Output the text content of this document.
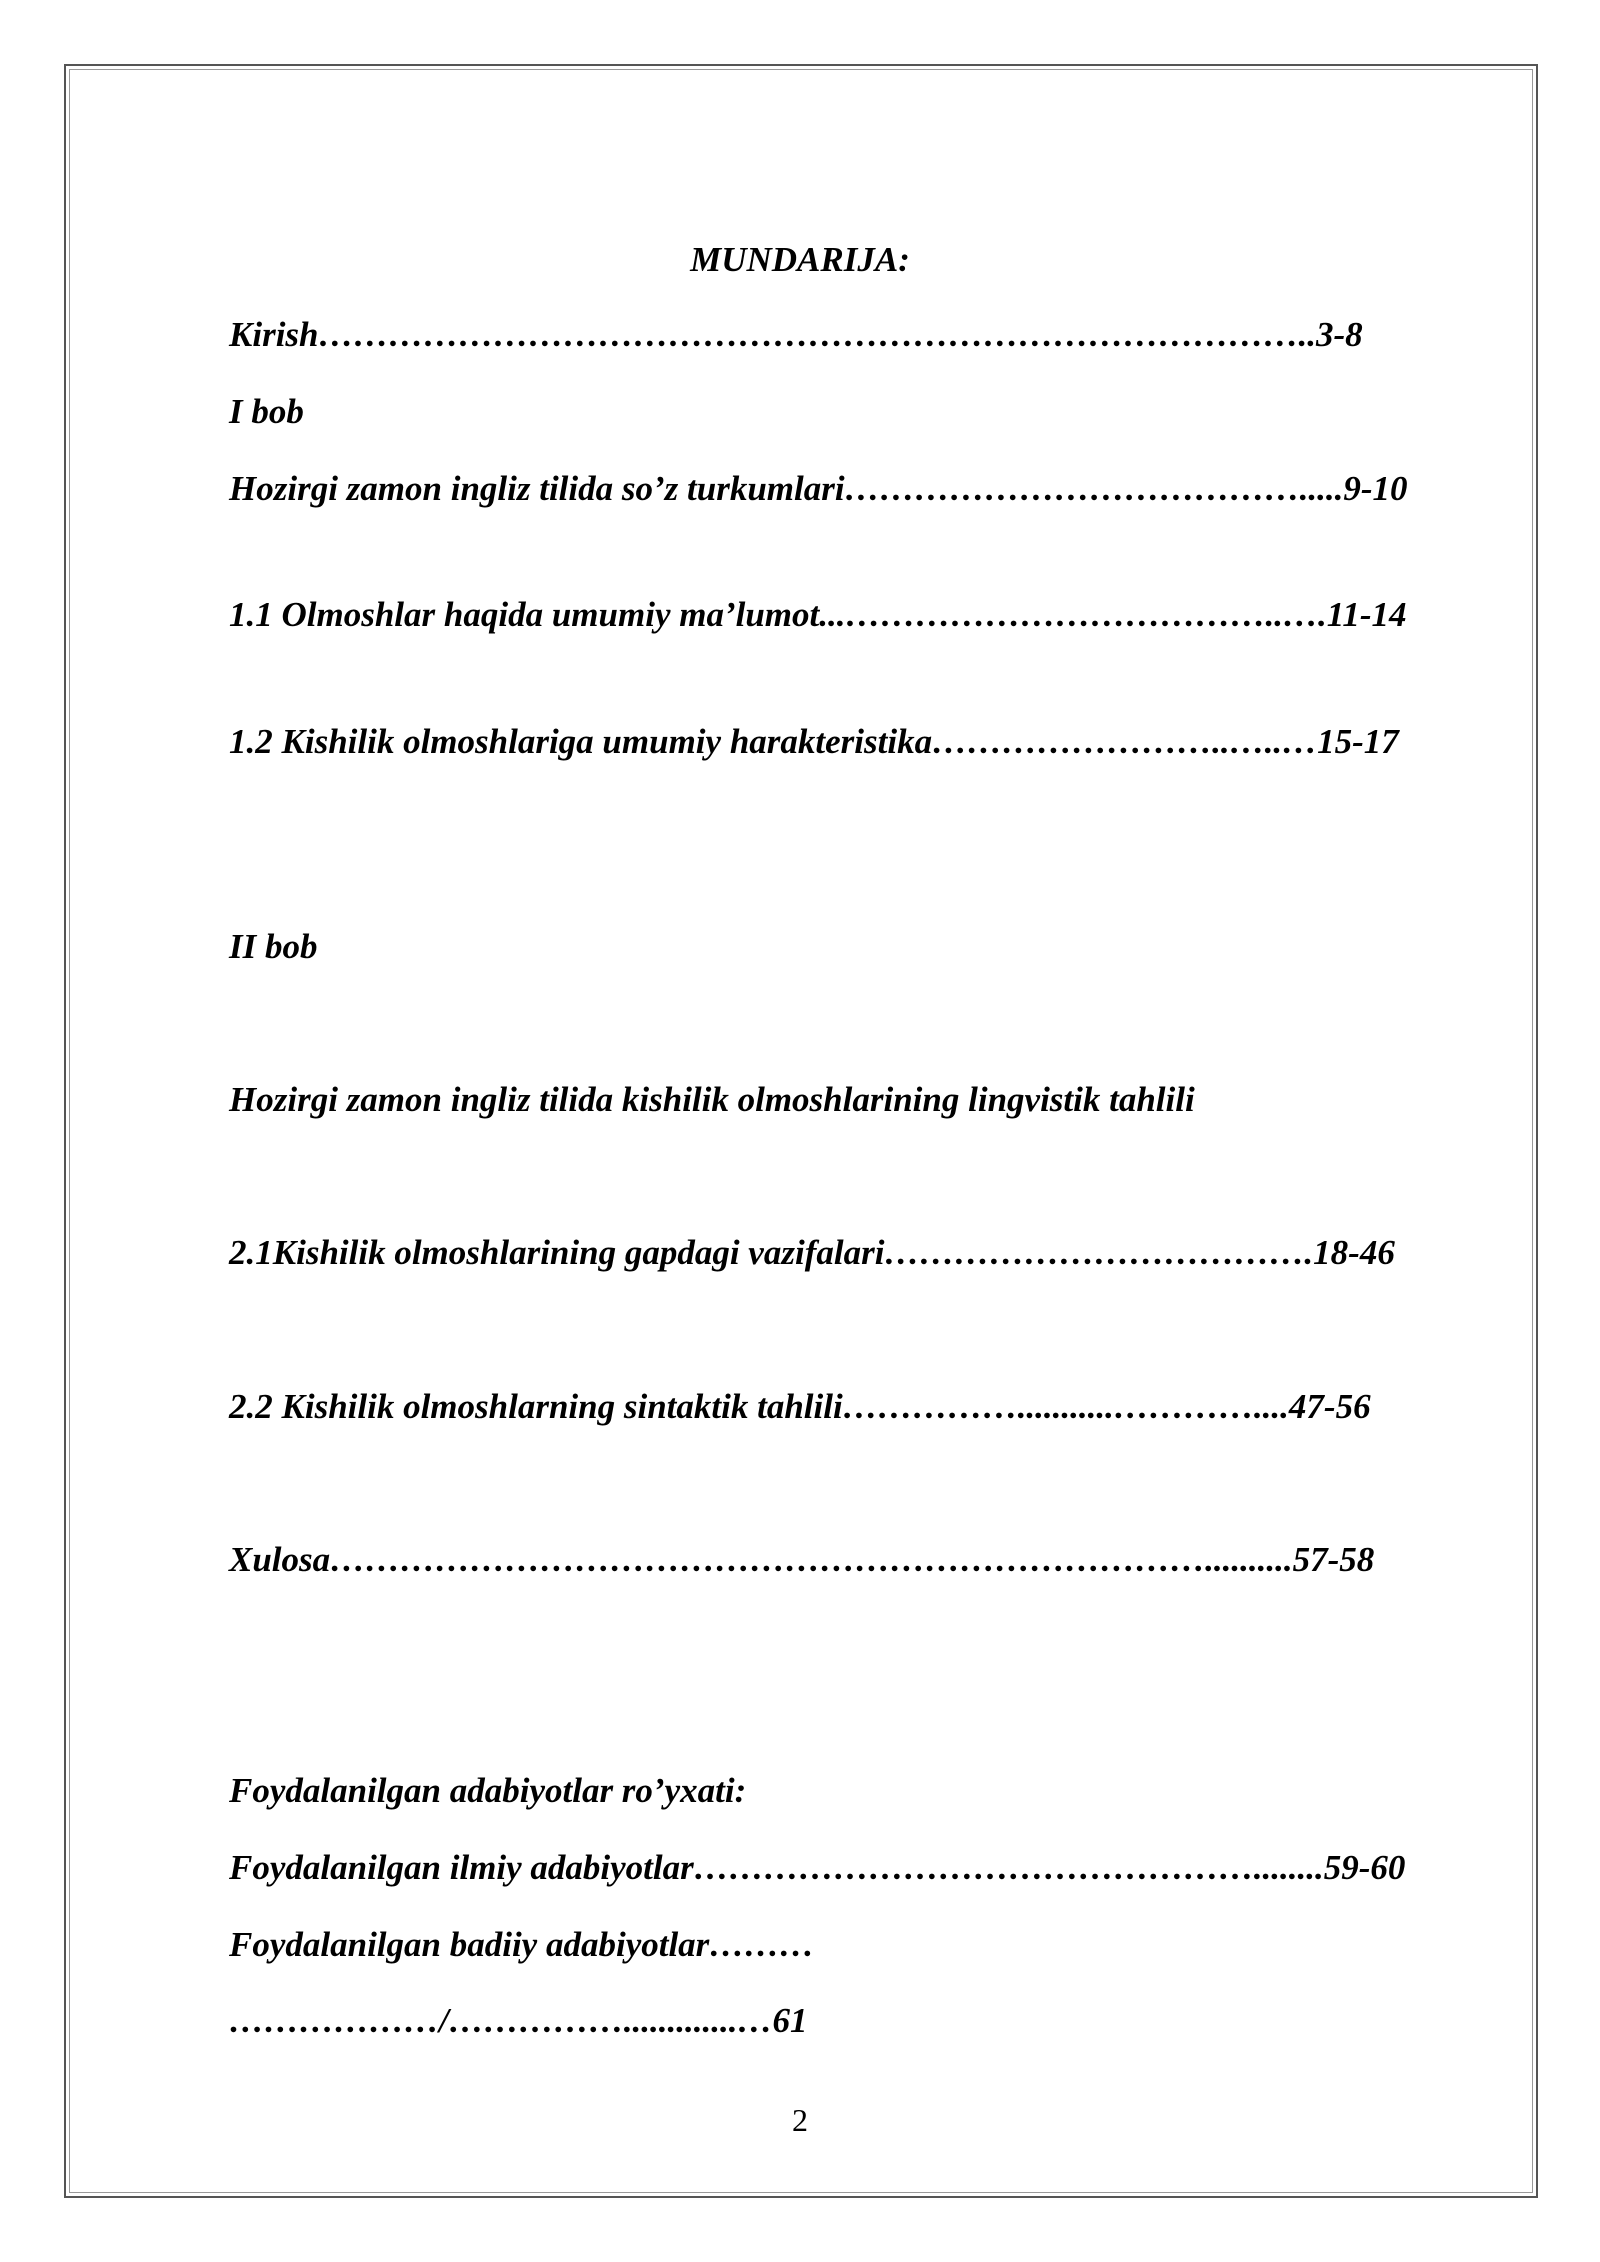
MUNDARIJA:
Kirish…………………………………………………………………………..3-8
I bob
Hozirgi zamon ingliz tilida so’z turkumlari………………………………….....9-10
1.1 Olmoshlar haqida umumiy ma’lumot...………………………………..….11-14
1.2 Kishilik olmoshlariga umumiy harakteristika……………………..…..…15-17
II bob
Hozirgi zamon ingliz tilida kishilik olmoshlarining lingvistik tahlili
2.1Kishilik olmoshlarining gapdagi vazifalari……………………………….18-46
2.2 Kishilik olmoshlarning sintaktik tahlili……………...........…………....47-56
Xulosa…………………………………………………………………..........57-58
Foydalanilgan adabiyotlar ro’yxati:
Foydalanilgan ilmiy adabiyotlar…………………………………………........59-60
Foydalanilgan badiiy adabiyotlar………
………………/…………….............…61
2
